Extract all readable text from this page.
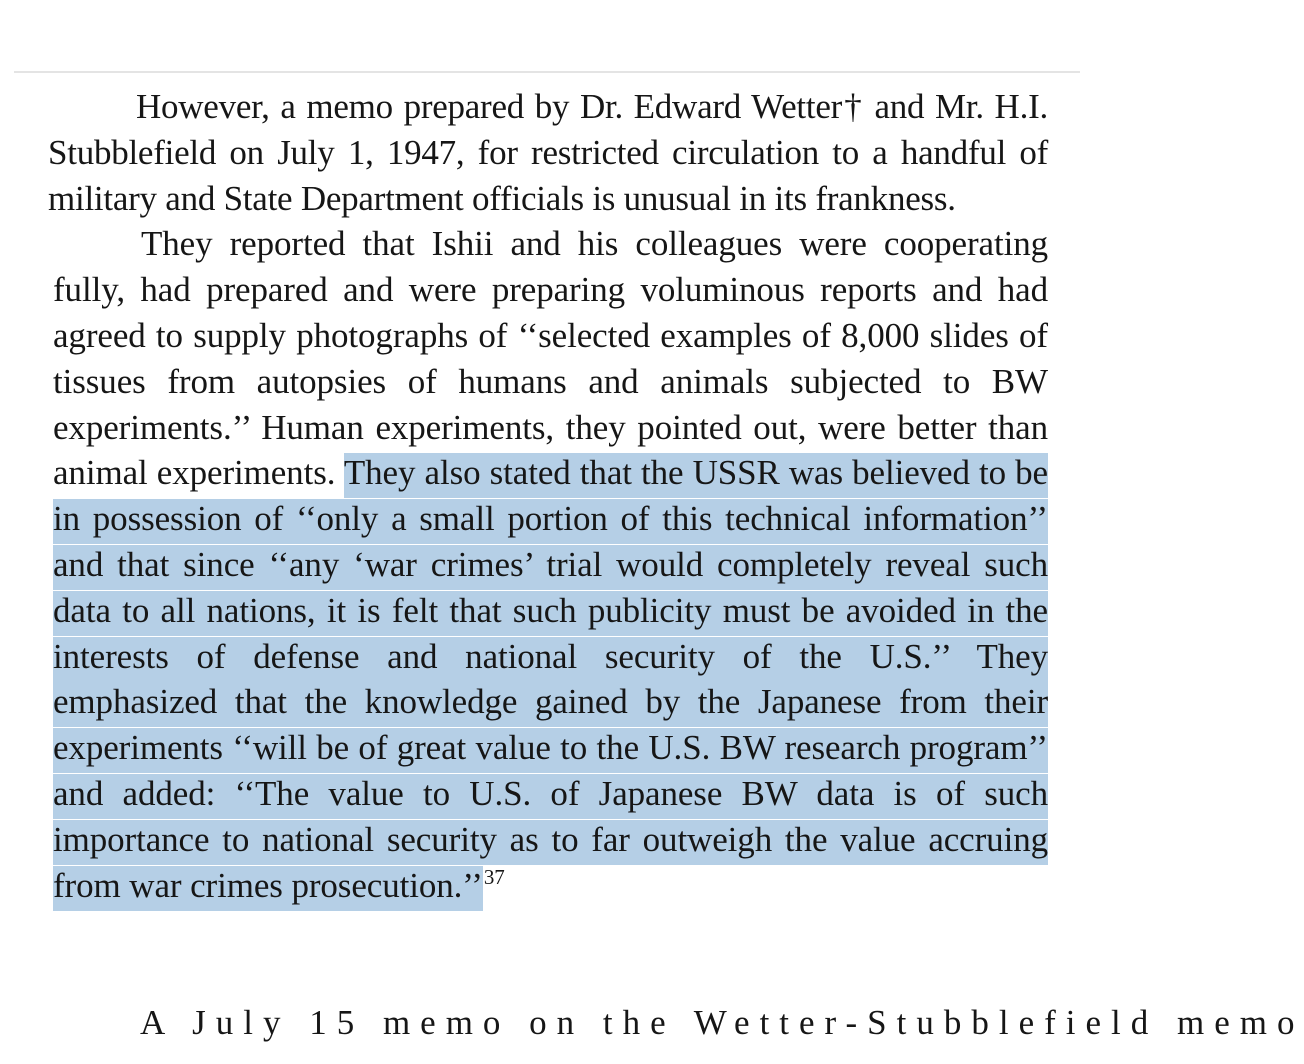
However, a memo prepared by Dr. Edward Wetter† and Mr. H.I. Stubblefield on July 1, 1947, for restricted circulation to a handful of military and State Department officials is unusual in its frankness.

They reported that Ishii and his colleagues were cooperating fully, had prepared and were preparing voluminous reports and had agreed to supply photographs of ‘‘selected examples of 8,000 slides of tissues from autopsies of humans and animals subjected to BW experiments.’’ Human experiments, they pointed out, were better than animal experiments. They also stated that the USSR was believed to be in possession of ‘‘only a small portion of this technical information’’ and that since ‘‘any ‘war crimes’ trial would completely reveal such data to all nations, it is felt that such publicity must be avoided in the interests of defense and national security of the U.S.’’ They emphasized that the knowledge gained by the Japanese from their experiments ‘‘will be of great value to the U.S. BW research program’’ and added: ‘‘The value to U.S. of Japanese BW data is of such importance to national security as to far outweigh the value accruing from war crimes prosecution.’’$^{37}$

A July 15 memo on the Wetter-Stubblefield memo
